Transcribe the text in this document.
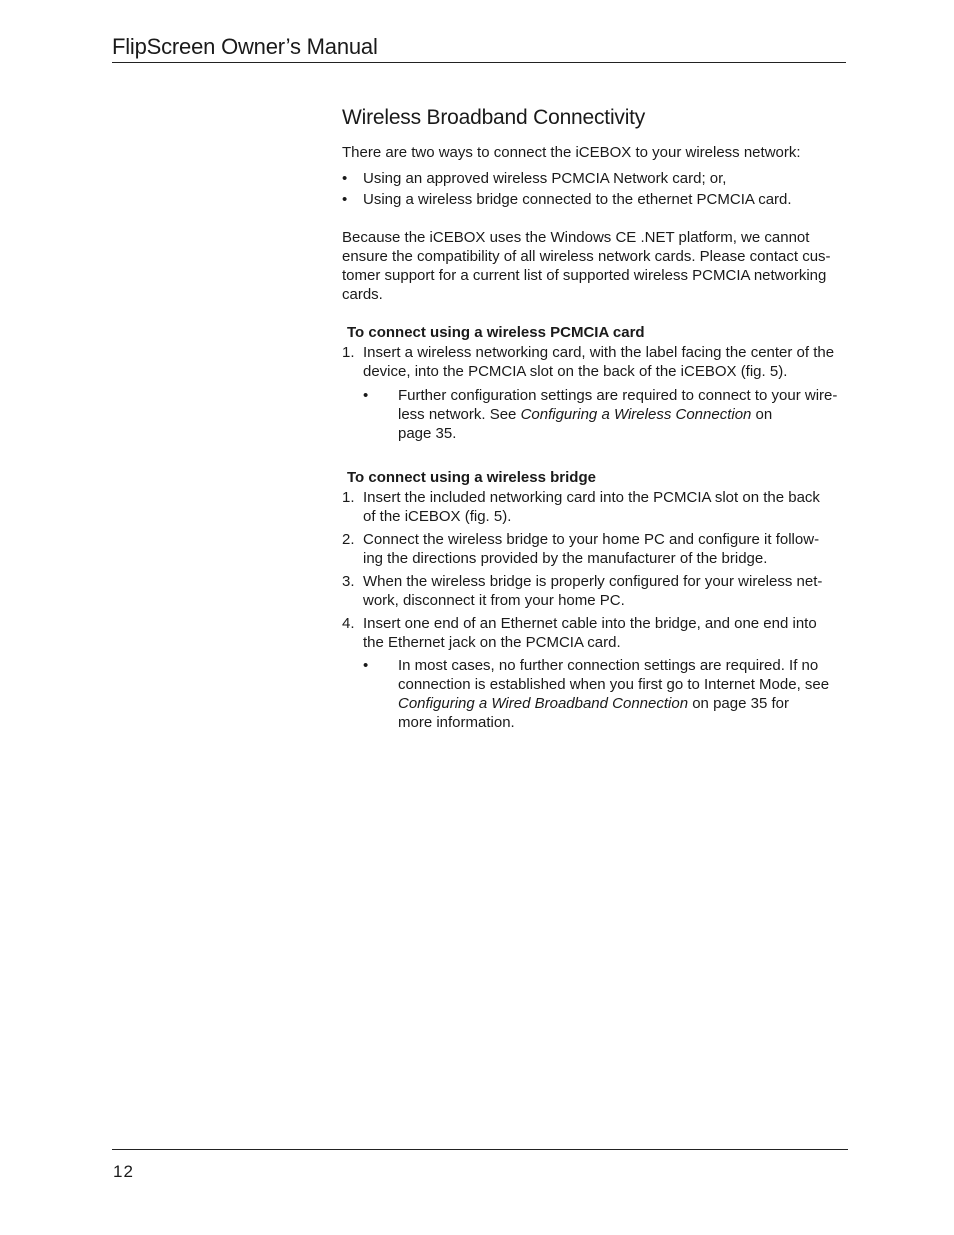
FlipScreen Owner’s Manual
Wireless Broadband Connectivity

There are two ways to connect the iCEBOX to your wireless network:

• Using an approved wireless PCMCIA Network card; or,
• Using a wireless bridge connected to the ethernet PCMCIA card.
Because the iCEBOX uses the Windows CE .NET platform, we cannot
ensure the compatibility of all wireless network cards. Please contact cus-
tomer support for a current list of supported wireless PCMCIA networking
cards.
To connect using a wireless PCMCIA card
1. Insert a wireless networking card, with the label facing the center of the
device, into the PCMCIA slot on the back of the iCEBOX (fig. 5).
• Further configuration settings are required to connect to your wire-
less network. See Configuring a Wireless Connection on
page 35.
To connect using a wireless bridge
1. Insert the included networking card into the PCMCIA slot on the back
of the iCEBOX (fig. 5).
2. Connect the wireless bridge to your home PC and configure it follow-
ing the directions provided by the manufacturer of the bridge.
3. When the wireless bridge is properly configured for your wireless net-
work, disconnect it from your home PC.
4. Insert one end of an Ethernet cable into the bridge, and one end into
the Ethernet jack on the PCMCIA card.
• In most cases, no further connection settings are required. If no
connection is established when you first go to Internet Mode, see
Configuring a Wired Broadband Connection on page 35 for
more information.
12
